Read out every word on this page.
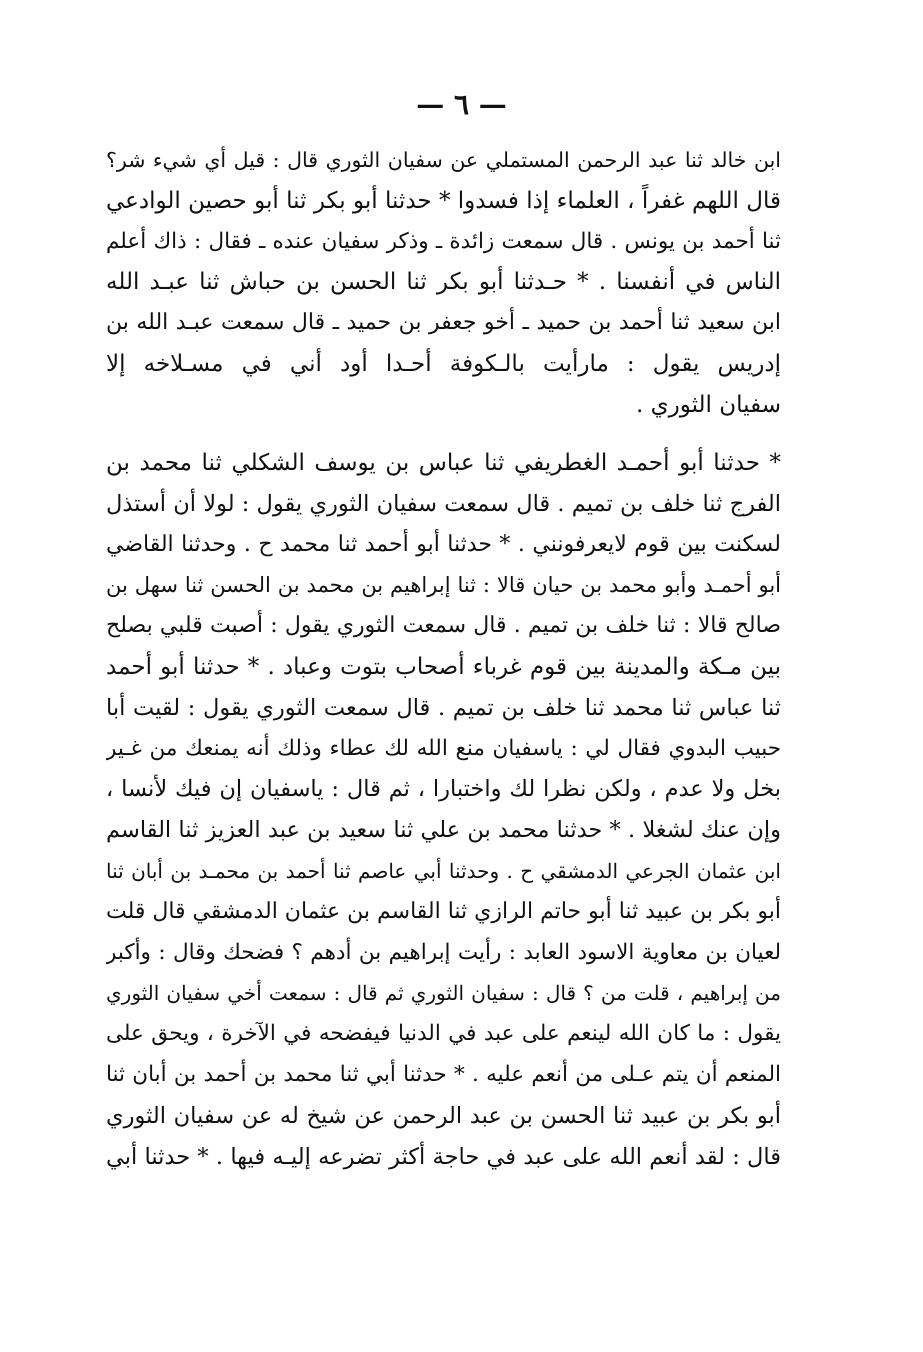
— ٦ —
ابن خالد ثنا عبد الرحمن المستملي عن سفيان الثوري قال : قيل أي شيء شر؟
قال اللهم غفراً ، العلماء إذا فسدوا * حدثنا أبو بكر ثنا أبو حصين الوادعي
ثنا أحمد بن يونس . قال سمعت زائدة ـ وذكر سفيان عنده ـ فقال : ذاك أعلم
الناس في أنفسنا . * حـدثنا أبو بكر ثنا الحسن بن حباش ثنا عبـد الله
ابن سعيد ثنا أحمد بن حميد ـ أخو جعفر بن حميد ـ قال سمعت عبـد الله بن
إدريس يقول : مارأيت بالـكوفة أحـدا أود أني في مسـلاخه إلا
سفيان الثوري .
* حدثنا أبو أحمـد الغطريفي ثنا عباس بن يوسف الشكلي ثنا محمد بن
الفرج ثنا خلف بن تميم . قال سمعت سفيان الثوري يقول : لولا أن أستذل
لسكنت بين قوم لايعرفونني . * حدثنا أبو أحمد ثنا محمد ح . وحدثنا القاضي
أبو أحمـد وأبو محمد بن حيان قالا : ثنا إبراهيم بن محمد بن الحسن ثنا سهل بن
صالح قالا : ثنا خلف بن تميم . قال سمعت الثوري يقول : أصبت قلبي بصلح
بين مـكة والمدينة بين قوم غرباء أصحاب بتوت وعباد . * حدثنا أبو أحمد
ثنا عباس ثنا محمد ثنا خلف بن تميم . قال سمعت الثوري يقول : لقيت أبا
حبيب البدوي فقال لي : ياسفيان منع الله لك عطاء وذلك أنه يمنعك من غـير
بخل ولا عدم ، ولكن نظرا لك واختبارا ، ثم قال : ياسفيان إن فيك لأنسا ،
وإن عنك لشغلا . * حدثنا محمد بن علي ثنا سعيد بن عبد العزيز ثنا القاسم
ابن عثمان الجرعي الدمشقي ح . وحدثنا أبي عاصم ثنا أحمد بن محمـد بن أبان ثنا
أبو بكر بن عبيد ثنا أبو حاتم الرازي ثنا القاسم بن عثمان الدمشقي قال قلت
لعيان بن معاوية الاسود العابد : رأيت إبراهيم بن أدهم ؟ فضحك وقال : وأكبر
من إبراهيم ، قلت من ؟ قال : سفيان الثوري ثم قال : سمعت أخي سفيان الثوري
يقول : ما كان الله لينعم على عبد في الدنيا فيفضحه في الآخرة ، ويحق على
المنعم أن يتم عـلى من أنعم عليه . * حدثنا أبي ثنا محمد بن أحمد بن أبان ثنا
أبو بكر بن عبيد ثنا الحسن بن عبد الرحمن عن شيخ له عن سفيان الثوري
قال : لقد أنعم الله على عبد في حاجة أكثر تضرعه إليـه فيها . * حدثنا أبي
